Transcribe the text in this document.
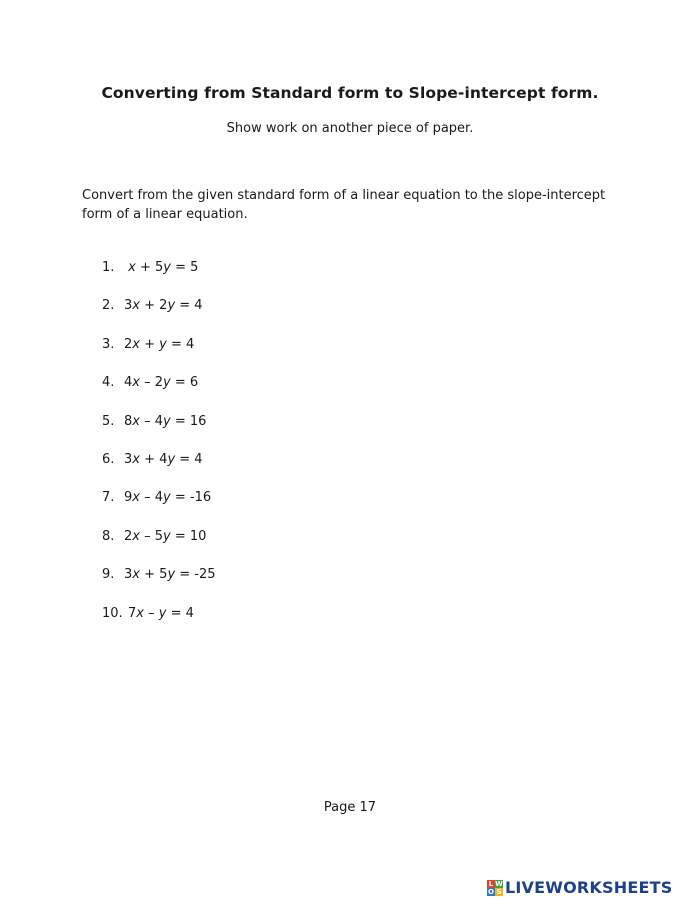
Converting from Standard form to Slope-intercept form.
Show work on another piece of paper.
Convert from the given standard form of a linear equation to the slope-intercept form of a linear equation.
1. x + 5y = 5
2. 3x + 2y = 4
3. 2x + y = 4
4. 4x – 2y = 6
5. 8x – 4y = 16
6. 3x + 4y = 4
7. 9x – 4y = -16
8. 2x – 5y = 10
9. 3x + 5y = -25
10. 7x – y = 4
Page 17
L W
O S LIVEWORKSHEETS
